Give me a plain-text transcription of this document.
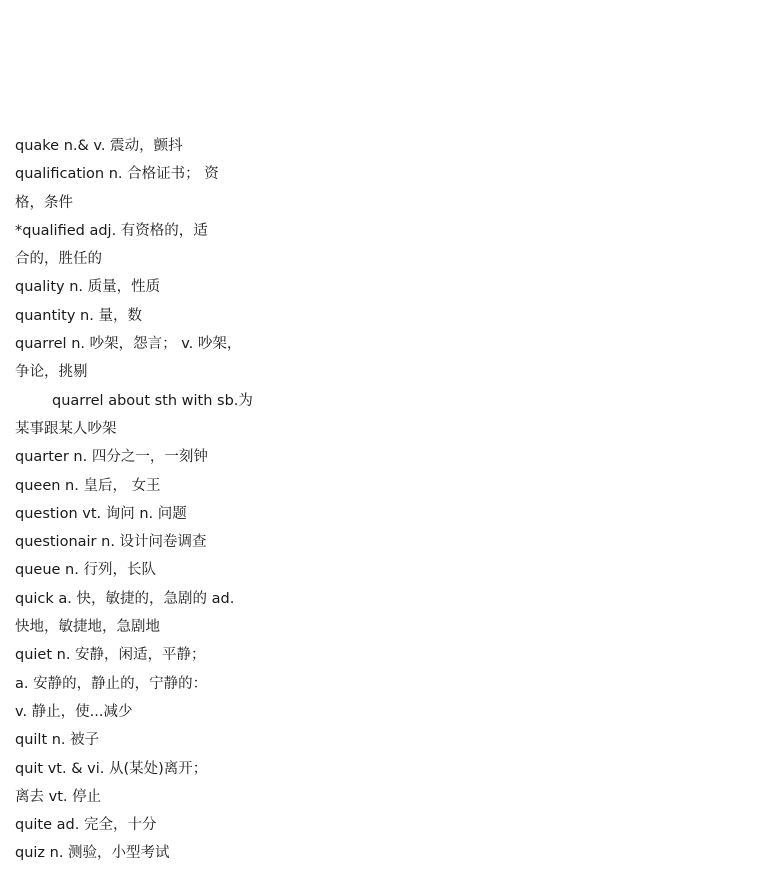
quake n.& v. 震动，颤抖
qualification n. 合格证书； 资
格，条件
*qualified adj. 有资格的，适
合的，胜任的
quality n. 质量，性质
quantity n. 量，数
quarrel n. 吵架，怨言； v. 吵架，
争论，挑剔
quarrel about sth with sb.为
某事跟某人吵架
quarter n. 四分之一，一刻钟
queen n. 皇后， 女王
question vt. 询问 n. 问题
questionair n. 设计问卷调查
queue n. 行列，长队
quick a. 快，敏捷的，急剧的 ad.
快地，敏捷地，急剧地
quiet n. 安静，闲适，平静；
a. 安静的，静止的，宁静的：
v. 静止，使...减少
quilt n. 被子
quit vt. & vi. 从(某处)离开；
离去 vt. 停止
quite ad. 完全，十分
quiz n. 测验，小型考试
